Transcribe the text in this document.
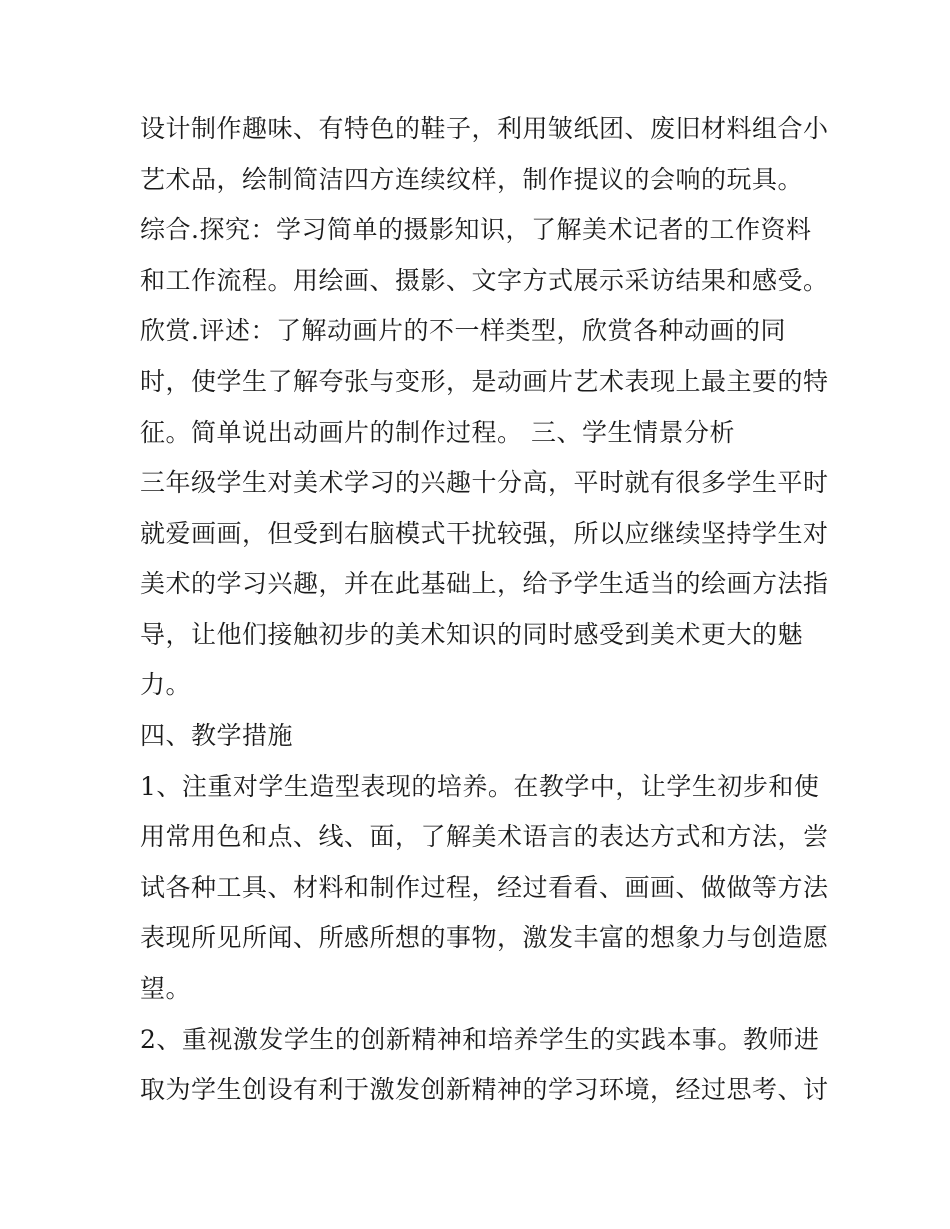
设计制作趣味、有特色的鞋子，利用皱纸团、废旧材料组合小
艺术品，绘制简洁四方连续纹样，制作提议的会响的玩具。
综合.探究：学习简单的摄影知识，了解美术记者的工作资料
和工作流程。用绘画、摄影、文字方式展示采访结果和感受。
欣赏.评述：了解动画片的不一样类型，欣赏各种动画的同
时，使学生了解夸张与变形，是动画片艺术表现上最主要的特
征。简单说出动画片的制作过程。 三、学生情景分析
三年级学生对美术学习的兴趣十分高，平时就有很多学生平时
就爱画画，但受到右脑模式干扰较强，所以应继续坚持学生对
美术的学习兴趣，并在此基础上，给予学生适当的绘画方法指
导，让他们接触初步的美术知识的同时感受到美术更大的魅
力。
四、教学措施
1、注重对学生造型表现的培养。在教学中，让学生初步和使
用常用色和点、线、面，了解美术语言的表达方式和方法，尝
试各种工具、材料和制作过程，经过看看、画画、做做等方法
表现所见所闻、所感所想的事物，激发丰富的想象力与创造愿
望。
2、重视激发学生的创新精神和培养学生的实践本事。教师进
取为学生创设有利于激发创新精神的学习环境，经过思考、讨
